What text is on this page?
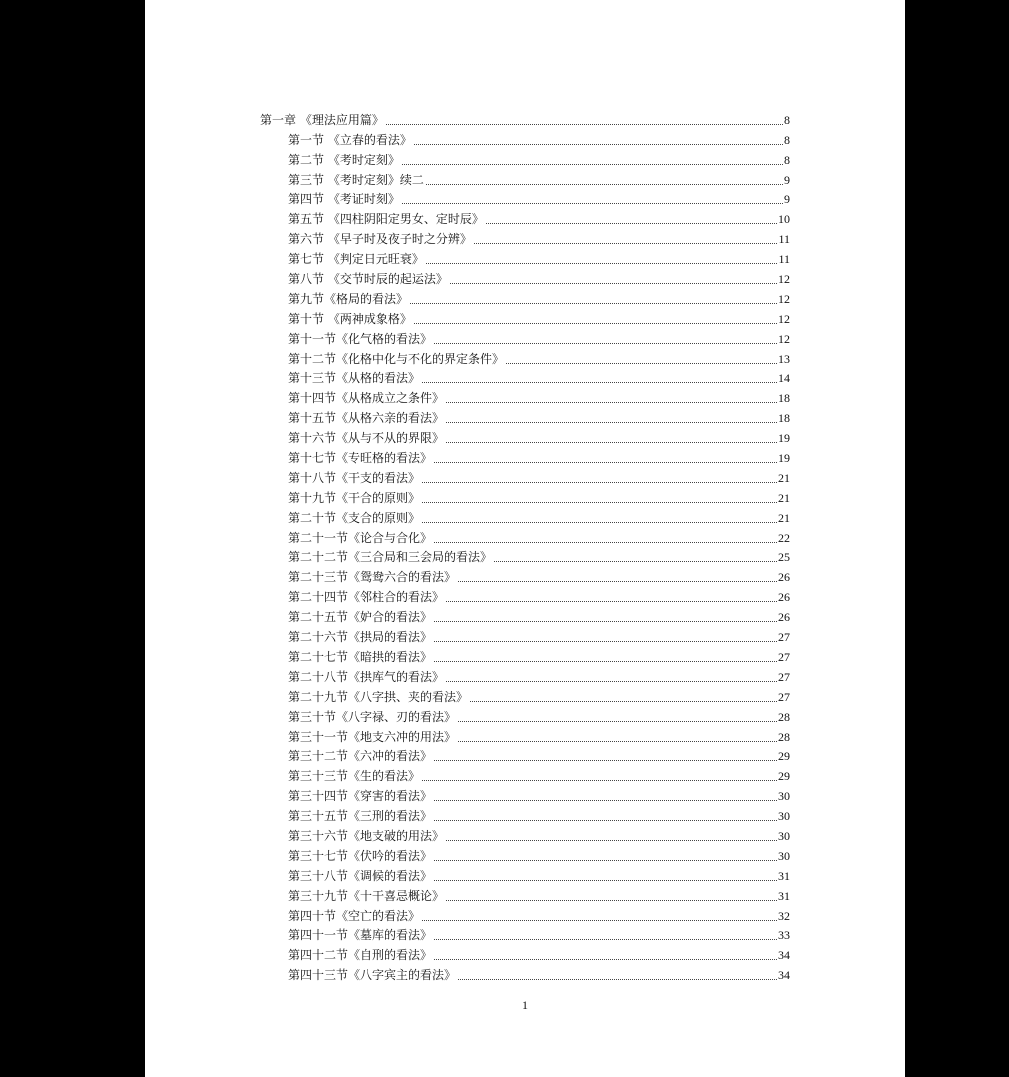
第一章 《理法应用篇》	8
第一节 《立春的看法》	8
第二节 《考时定刻》	8
第三节 《考时定刻》续二	9
第四节 《考证时刻》	9
第五节 《四柱阴阳定男女、定时辰》	10
第六节 《早子时及夜子时之分辨》	11
第七节 《判定日元旺衰》	11
第八节 《交节时辰的起运法》	12
第九节《格局的看法》	12
第十节 《两神成象格》	12
第十一节《化气格的看法》	12
第十二节《化格中化与不化的界定条件》	13
第十三节《从格的看法》	14
第十四节《从格成立之条件》	18
第十五节《从格六亲的看法》	18
第十六节《从与不从的界限》	19
第十七节《专旺格的看法》	19
第十八节《干支的看法》	21
第十九节《干合的原则》	21
第二十节《支合的原则》	21
第二十一节《论合与合化》	22
第二十二节《三合局和三会局的看法》	25
第二十三节《鸳鸯六合的看法》	26
第二十四节《邻柱合的看法》	26
第二十五节《妒合的看法》	26
第二十六节《拱局的看法》	27
第二十七节《暗拱的看法》	27
第二十八节《拱库气的看法》	27
第二十九节《八字拱、夹的看法》	27
第三十节《八字禄、刃的看法》	28
第三十一节《地支六冲的用法》	28
第三十二节《六冲的看法》	29
第三十三节《生的看法》	29
第三十四节《穿害的看法》	30
第三十五节《三刑的看法》	30
第三十六节《地支破的用法》	30
第三十七节《伏吟的看法》	30
第三十八节《调候的看法》	31
第三十九节《十干喜忌概论》	31
第四十节《空亡的看法》	32
第四十一节《墓库的看法》	33
第四十二节《自刑的看法》	34
第四十三节《八字宾主的看法》	34
1
